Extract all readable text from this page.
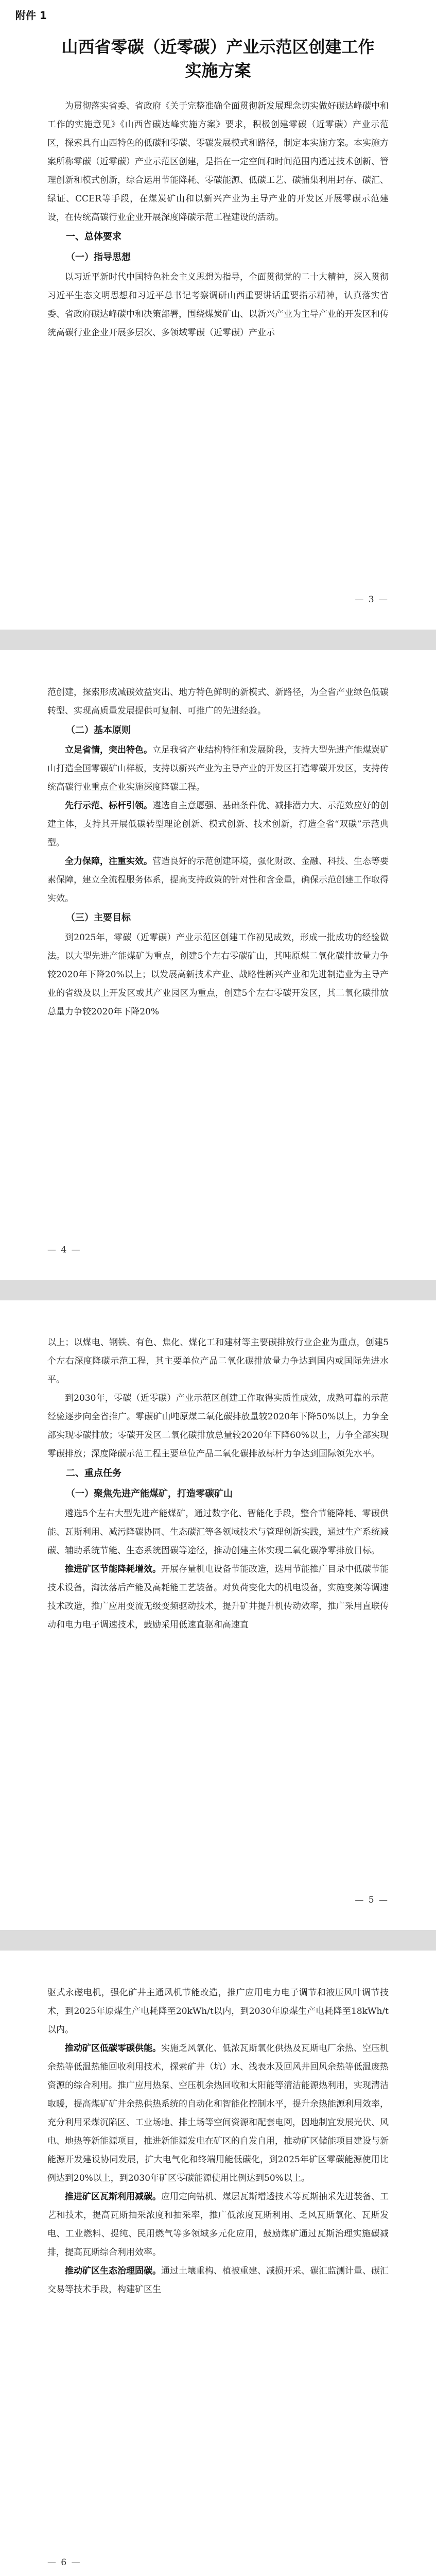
附件 1
山西省零碳（近零碳）产业示范区创建工作
实施方案

为贯彻落实省委、省政府《关于完整准确全面贯彻新发展理念切实做好碳达峰碳中和工作的实施意见》《山西省碳达峰实施方案》要求，积极创建零碳（近零碳）产业示范区，探索具有山西特色的低碳和零碳、零碳发展模式和路径，制定本实施方案。本实施方案所称零碳（近零碳）产业示范区创建，是指在一定空间和时间范围内通过技术创新、管理创新和模式创新，综合运用节能降耗、零碳能源、低碳工艺、碳捕集利用封存、碳汇、绿证、CCER等手段，在煤炭矿山和以新兴产业为主导产业的开发区开展零碳示范建设，在传统高碳行业企业开展深度降碳示范工程建设的活动。

一、总体要求

（一）指导思想

以习近平新时代中国特色社会主义思想为指导，全面贯彻党的二十大精神，深入贯彻习近平生态文明思想和习近平总书记考察调研山西重要讲话重要指示精神，认真落实省委、省政府碳达峰碳中和决策部署，围绕煤炭矿山、以新兴产业为主导产业的开发区和传统高碳行业企业开展多层次、多领域零碳（近零碳）产业示

— 3 —

范创建，探索形成减碳效益突出、地方特色鲜明的新模式、新路径，为全省产业绿色低碳转型、实现高质量发展提供可复制、可推广的先进经验。

（二）基本原则

立足省情，突出特色。立足我省产业结构特征和发展阶段，支持大型先进产能煤炭矿山打造全国零碳矿山样板，支持以新兴产业为主导产业的开发区打造零碳开发区，支持传统高碳行业重点企业实施深度降碳工程。

先行示范、标杆引领。遴选自主意愿强、基础条件优、减排潜力大、示范效应好的创建主体，支持其开展低碳转型理论创新、模式创新、技术创新，打造全省“双碳”示范典型。

全力保障，注重实效。营造良好的示范创建环境，强化财政、金融、科技、生态等要素保障，建立全流程服务体系，提高支持政策的针对性和含金量，确保示范创建工作取得实效。

（三）主要目标

到2025年，零碳（近零碳）产业示范区创建工作初见成效，形成一批成功的经验做法。以大型先进产能煤矿为重点，创建5个左右零碳矿山，其吨原煤二氧化碳排放量力争较2020年下降20%以上；以发展高新技术产业、战略性新兴产业和先进制造业为主导产业的省级及以上开发区或其产业园区为重点，创建5个左右零碳开发区，其二氧化碳排放总量力争较2020年下降20%

— 4 —

以上；以煤电、钢铁、有色、焦化、煤化工和建材等主要碳排放行业企业为重点，创建5个左右深度降碳示范工程，其主要单位产品二氧化碳排放量力争达到国内或国际先进水平。

到2030年，零碳（近零碳）产业示范区创建工作取得实质性成效，成熟可靠的示范经验逐步向全省推广。零碳矿山吨原煤二氧化碳排放量较2020年下降50%以上，力争全部实现零碳排放；零碳开发区二氧化碳排放总量较2020年下降60%以上，力争全部实现零碳排放；深度降碳示范工程主要单位产品二氧化碳排放标杆力争达到国际领先水平。

二、重点任务

（一）聚焦先进产能煤矿，打造零碳矿山

遴选5个左右大型先进产能煤矿，通过数字化、智能化手段，整合节能降耗、零碳供能、瓦斯利用、减污降碳协同、生态碳汇等各领域技术与管理创新实践，通过生产系统减碳、辅助系统节能、生态系统固碳等途径，推动创建主体实现二氧化碳净零排放目标。

推进矿区节能降耗增效。开展存量机电设备节能改造，选用节能推广目录中低碳节能技术设备，淘汰落后产能及高耗能工艺装备。对负荷变化大的机电设备，实施变频等调速技术改造，推广应用变流无级变频驱动技术，提升矿井提升机传动效率，推广采用直联传动和电力电子调速技术，鼓励采用低速直驱和高速直

— 5 —

驱式永磁电机，强化矿井主通风机节能改造，推广应用电力电子调节和液压风叶调节技术，到2025年原煤生产电耗降至20kWh/t以内，到2030年原煤生产电耗降至18kWh/t以内。

推动矿区低碳零碳供能。实施乏风氧化、低浓瓦斯氧化供热及瓦斯电厂余热、空压机余热等低温热能回收利用技术，探索矿井（坑）水、浅表水及回风井回风余热等低温废热资源的综合利用。推广应用热泵、空压机余热回收和太阳能等清洁能源热利用，实现清洁取暖，提高煤矿矿井余热供热系统的自动化和智能化控制水平，提升余热能源利用效率，充分利用采煤沉陷区、工业场地、排土场等空间资源和配套电网，因地制宜发展光伏、风电、地热等新能源项目，推进新能源发电在矿区的自发自用，推动矿区储能项目建设与新能源开发建设协同发展，扩大电气化和终端用能低碳化，到2025年矿区零碳能源使用比例达到20%以上，到2030年矿区零碳能源使用比例达到50%以上。

推进矿区瓦斯利用减碳。应用定向钻机、煤层瓦斯增透技术等瓦斯抽采先进装备、工艺和技术，提高瓦斯抽采浓度和抽采率，推广低浓度瓦斯利用、乏风瓦斯氧化、瓦斯发电、工业燃料、提纯、民用燃气等多领域多元化应用，鼓励煤矿通过瓦斯治理实施碳减排，提高瓦斯综合利用效率。

推动矿区生态治理固碳。通过土壤重构、植被重建、减损开采、碳汇监测计量、碳汇交易等技术手段，构建矿区生

— 6 —
